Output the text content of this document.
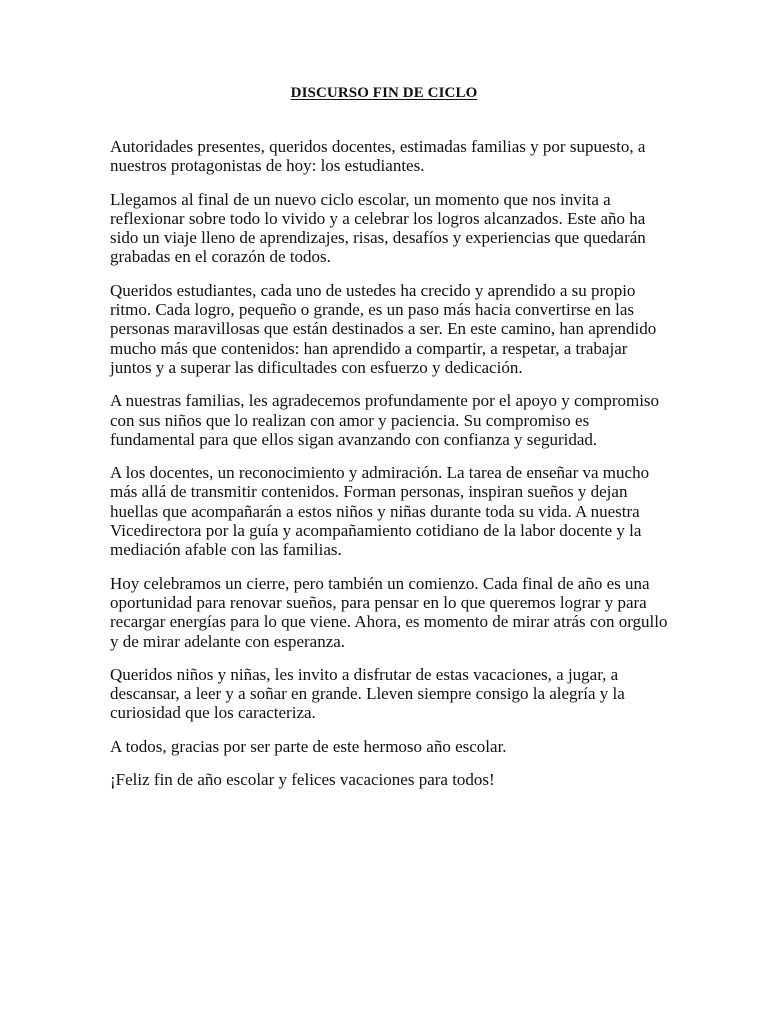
DISCURSO FIN DE CICLO

Autoridades presentes, queridos docentes, estimadas familias y por supuesto, a nuestros protagonistas de hoy: los estudiantes.

Llegamos al final de un nuevo ciclo escolar, un momento que nos invita a reflexionar sobre todo lo vivido y a celebrar los logros alcanzados. Este año ha sido un viaje lleno de aprendizajes, risas, desafíos y experiencias que quedarán grabadas en el corazón de todos.

Queridos estudiantes, cada uno de ustedes ha crecido y aprendido a su propio ritmo. Cada logro, pequeño o grande, es un paso más hacia convertirse en las personas maravillosas que están destinados a ser. En este camino, han aprendido mucho más que contenidos: han aprendido a compartir, a respetar, a trabajar juntos y a superar las dificultades con esfuerzo y dedicación.

A nuestras familias, les agradecemos profundamente por el apoyo y compromiso con sus niños que lo realizan con amor y paciencia. Su compromiso es fundamental para que ellos sigan avanzando con confianza y seguridad.

A los docentes, un reconocimiento y admiración. La tarea de enseñar va mucho más allá de transmitir contenidos. Forman personas, inspiran sueños y dejan huellas que acompañarán a estos niños y niñas durante toda su vida. A nuestra Vicedirectora por la guía y acompañamiento cotidiano de la labor docente y la mediación afable con las familias.

Hoy celebramos un cierre, pero también un comienzo. Cada final de año es una oportunidad para renovar sueños, para pensar en lo que queremos lograr y para recargar energías para lo que viene. Ahora, es momento de mirar atrás con orgullo y de mirar adelante con esperanza.

Queridos niños y niñas, les invito a disfrutar de estas vacaciones, a jugar, a descansar, a leer y a soñar en grande. Lleven siempre consigo la alegría y la curiosidad que los caracteriza.

A todos, gracias por ser parte de este hermoso año escolar.

¡Feliz fin de año escolar y felices vacaciones para todos!
